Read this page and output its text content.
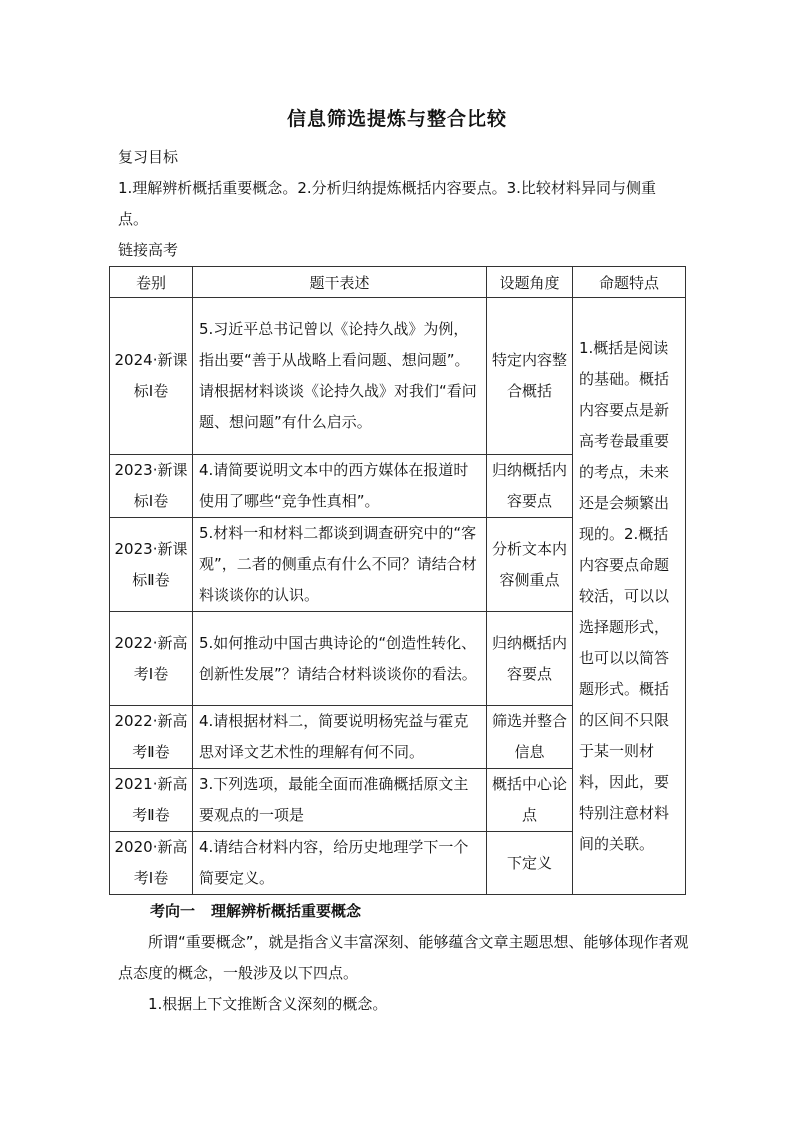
信息筛选提炼与整合比较
复习目标
1.理解辨析概括重要概念。2.分析归纳提炼概括内容要点。3.比较材料异同与侧重
点。
链接高考
卷别	题干表述	设题角度	命题特点
2024·新课标Ⅰ卷	5.习近平总书记曾以《论持久战》为例，指出要“善于从战略上看问题、想问题”。请根据材料谈谈《论持久战》对我们“看问题、想问题”有什么启示。	特定内容整合概括	1.概括是阅读的基础。概括内容要点是新高考卷最重要的考点，未来还是会频繁出现的。2.概括内容要点命题较活，可以以选择题形式，也可以以简答题形式。概括的区间不只限于某一则材料，因此，要特别注意材料间的关联。
2023·新课标Ⅰ卷	4.请简要说明文本中的西方媒体在报道时使用了哪些“竞争性真相”。	归纳概括内容要点	
2023·新课标Ⅱ卷	5.材料一和材料二都谈到调查研究中的“客观”，二者的侧重点有什么不同？请结合材料谈谈你的认识。	分析文本内容侧重点	
2022·新高考Ⅰ卷	5.如何推动中国古典诗论的“创造性转化、创新性发展”？请结合材料谈谈你的看法。	归纳概括内容要点	
2022·新高考Ⅱ卷	4.请根据材料二，简要说明杨宪益与霍克思对译文艺术性的理解有何不同。	筛选并整合信息	
2021·新高考Ⅱ卷	3.下列选项，最能全面而准确概括原文主要观点的一项是	概括中心论点	
2020·新高考Ⅰ卷	4.请结合材料内容，给历史地理学下一个简要定义。	下定义	
考向一 理解辨析概括重要概念
所谓“重要概念”，就是指含义丰富深刻、能够蕴含文章主题思想、能够体现作者观点态度的概念，一般涉及以下四点。
1.根据上下文推断含义深刻的概念。
